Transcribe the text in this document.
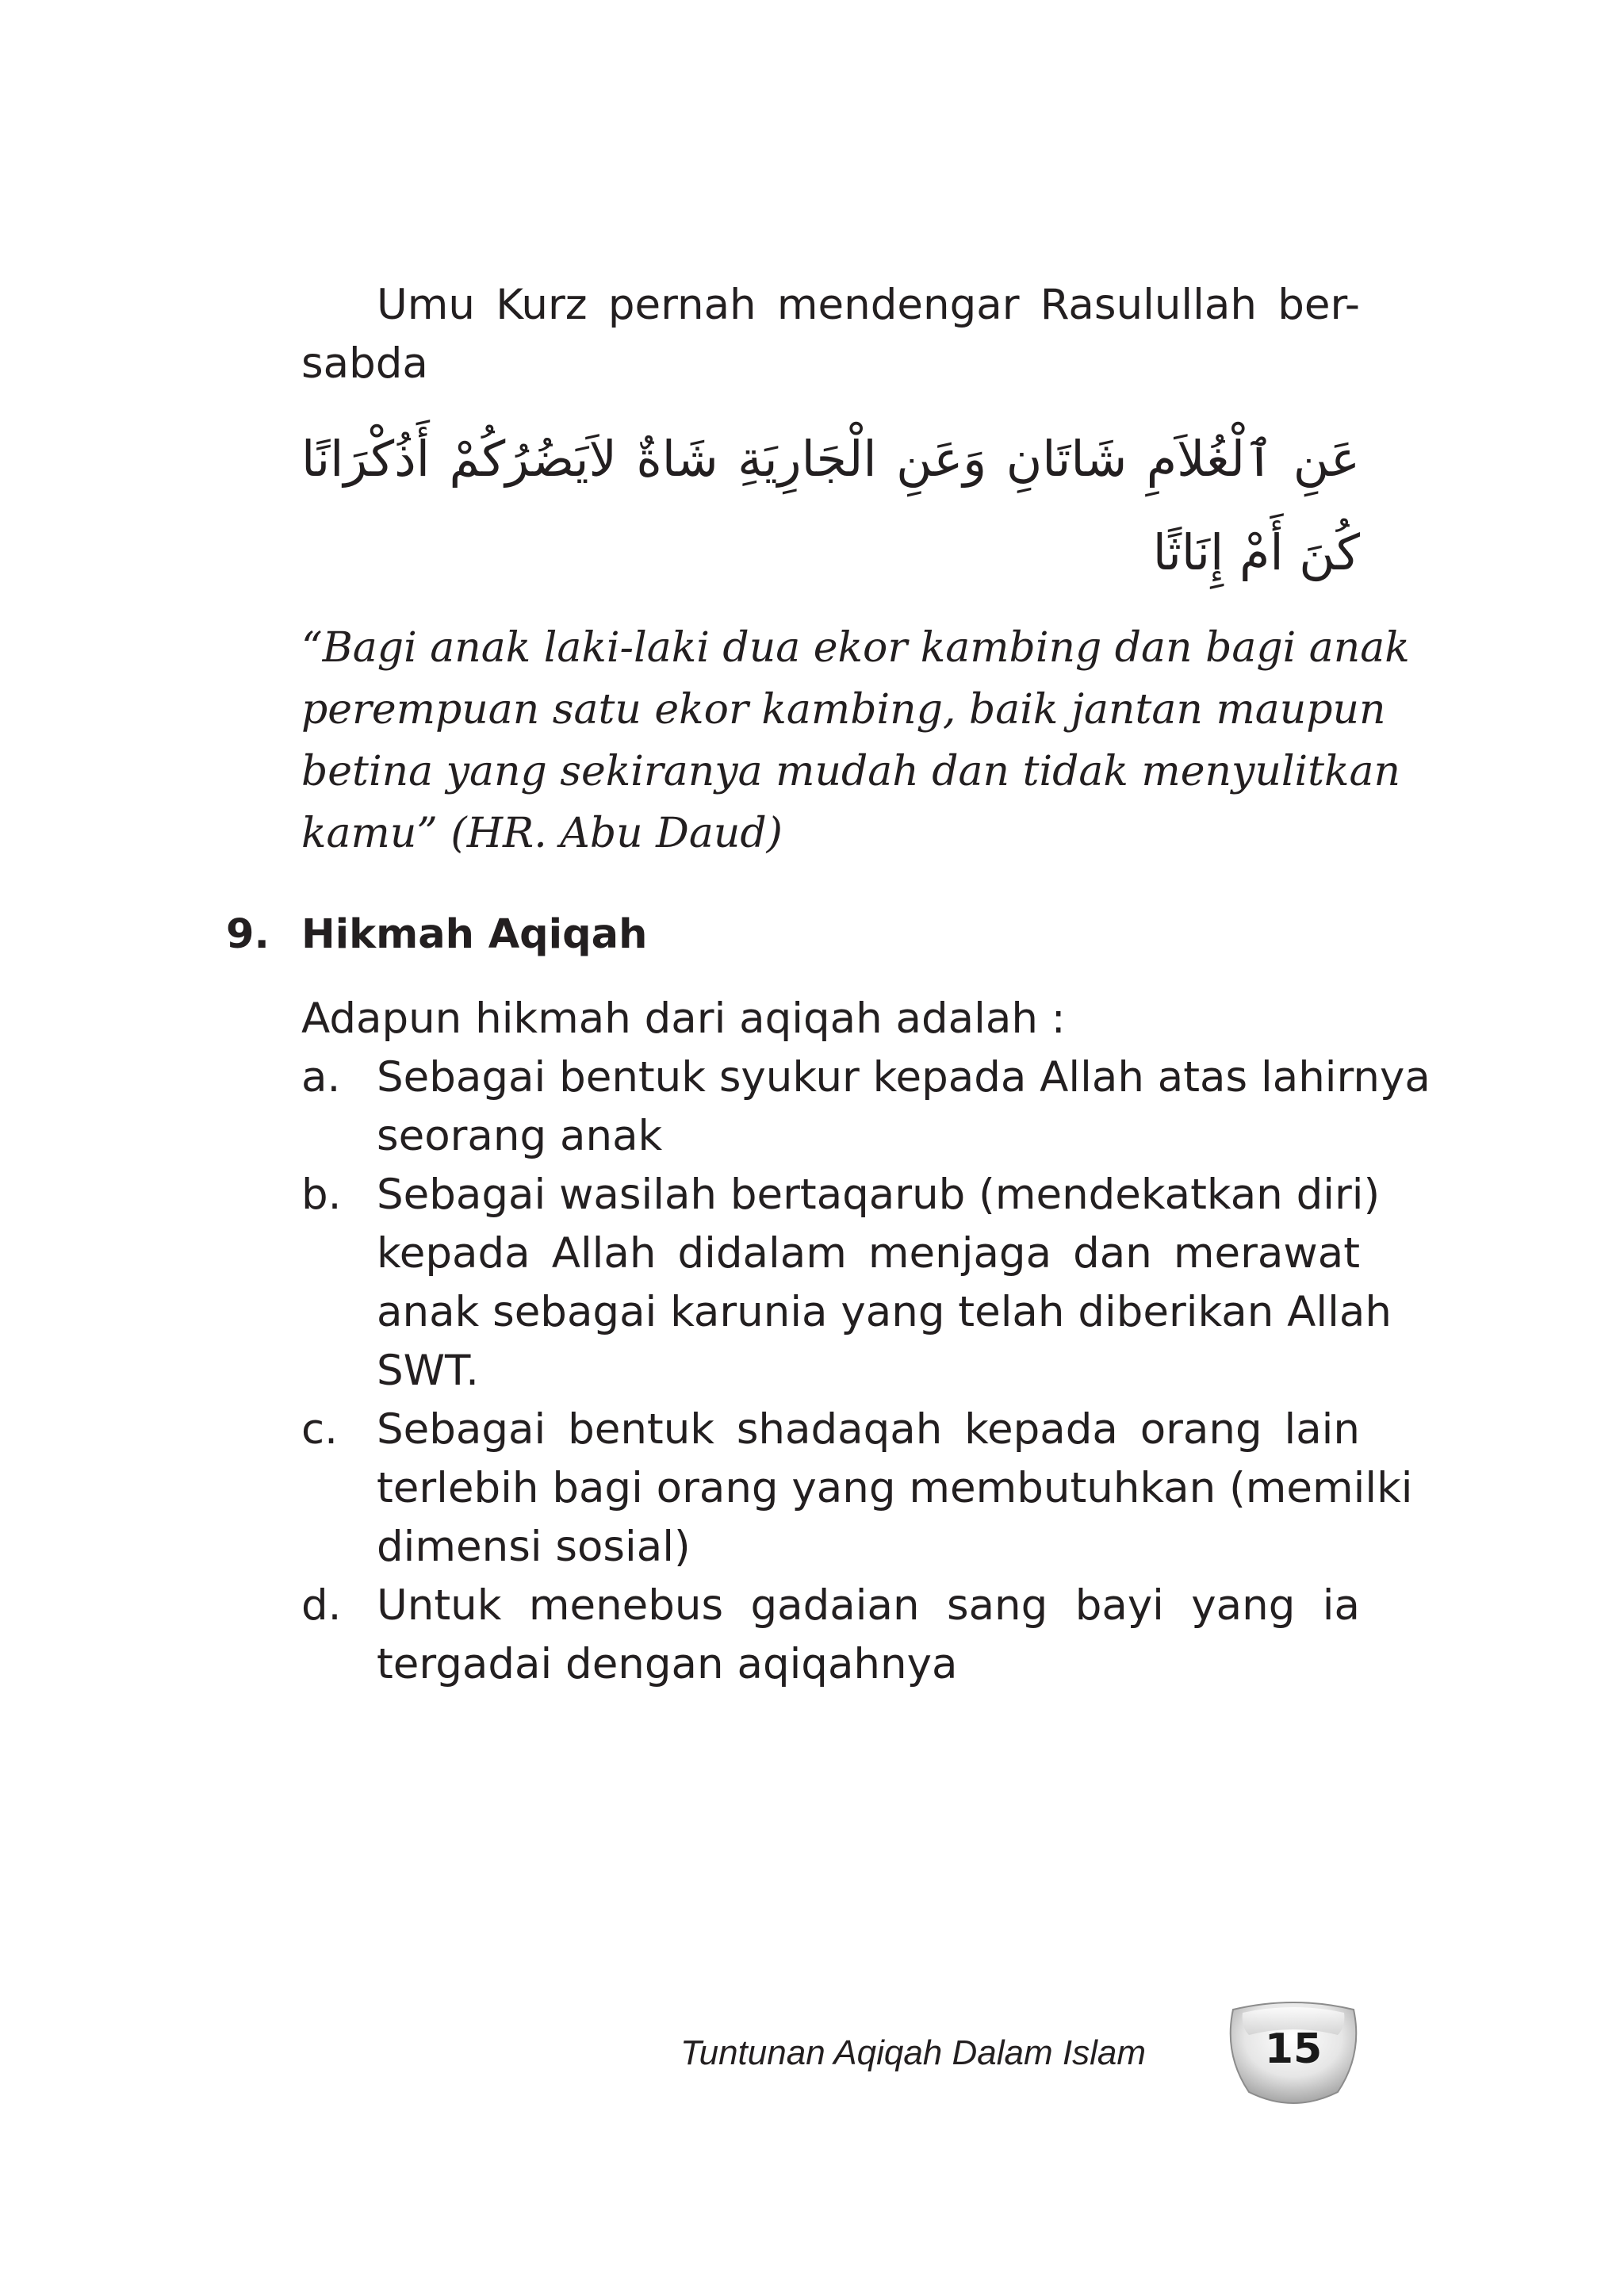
Umu Kurz pernah mendengar Rasulullah ber-
sabda
عَنِ ٱلْغُلاَمِ شَاتَانِ وَعَنِ الْجَارِيَةِ شَاةٌ لاَيَضُرُكُمْ أَذُكْرَانًا
كُنَ أَمْ إِنَاثًا
“Bagi anak laki-laki dua ekor kambing dan bagi anak
perempuan satu ekor kambing, baik jantan maupun
betina yang sekiranya mudah dan tidak menyulitkan
kamu” (HR. Abu Daud)
9. Hikmah Aqiqah
Adapun hikmah dari aqiqah adalah :
a. Sebagai bentuk syukur kepada Allah atas lahirnya
seorang anak
b. Sebagai wasilah bertaqarub (mendekatkan diri)
kepada Allah didalam menjaga dan merawat
anak sebagai karunia yang telah diberikan Allah
SWT.
c. Sebagai bentuk shadaqah kepada orang lain
terlebih bagi orang yang membutuhkan (memilki
dimensi sosial)
d. Untuk menebus gadaian sang bayi yang ia
tergadai dengan aqiqahnya
Tuntunan Aqiqah Dalam Islam	15
